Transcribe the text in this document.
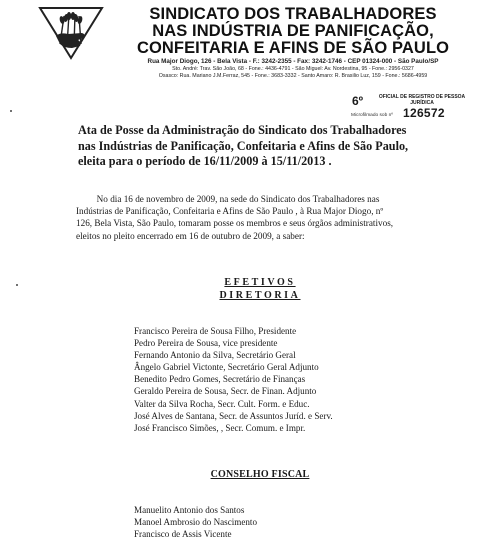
SINDICATO DOS TRABALHADORES
NAS INDÚSTRIA DE PANIFICAÇÃO,
CONFEITARIA E AFINS DE SÃO PAULO
Rua Major Diogo, 126 - Bela Vista - F.: 3242-2355 - Fax: 3242-1746 - CEP 01324-000 - São Paulo/SP
Sto. André: Trav. São João, 68 - Fone.: 4436-4791 - São Miguel: Av. Nordestina, 95 - Fone.: 2956-0327
Osasco: Rua. Mariano J.M.Ferraz, 545 - Fone.: 3683-3332 - Santo Amaro: R. Brasilio Luz, 159 - Fone.: 5686-4959
6º	OFICIAL DE REGISTRO DE PESSOA JURÍDICA
Microfilmado sob nº 126572
Ata de Posse da Administração do Sindicato dos Trabalhadores
nas Indústrias de Panificação, Confeitaria e Afins de São Paulo,
eleita para o período de 16/11/2009 à 15/11/2013 .
No dia 16 de novembro de 2009, na sede do Sindicato dos Trabalhadores nas
Indústrias de Panificação, Confeitaria e Afins de São Paulo , à Rua Major Diogo, nº
126, Bela Vista, São Paulo, tomaram posse os membros e seus órgãos administrativos,
eleitos no pleito encerrado em 16 de outubro de 2009, a saber:
EFETIVOS
DIRETORIA
Francisco Pereira de Sousa Filho, Presidente
Pedro Pereira de Sousa, vice presidente
Fernando Antonio da Silva, Secretário Geral
Ângelo Gabriel Victonte, Secretário Geral Adjunto
Benedito Pedro Gomes, Secretário de Finanças
Geraldo Pereira de Sousa, Secr. de Finan. Adjunto
Valter da Silva Rocha, Secr. Cult. Form. e Educ.
José Alves de Santana, Secr. de Assuntos Juríd. e Serv.
José Francisco Simões, , Secr. Comum. e Impr.
CONSELHO FISCAL
Manuelito Antonio dos Santos
Manoel Ambrosio do Nascimento
Francisco de Assis Vicente
